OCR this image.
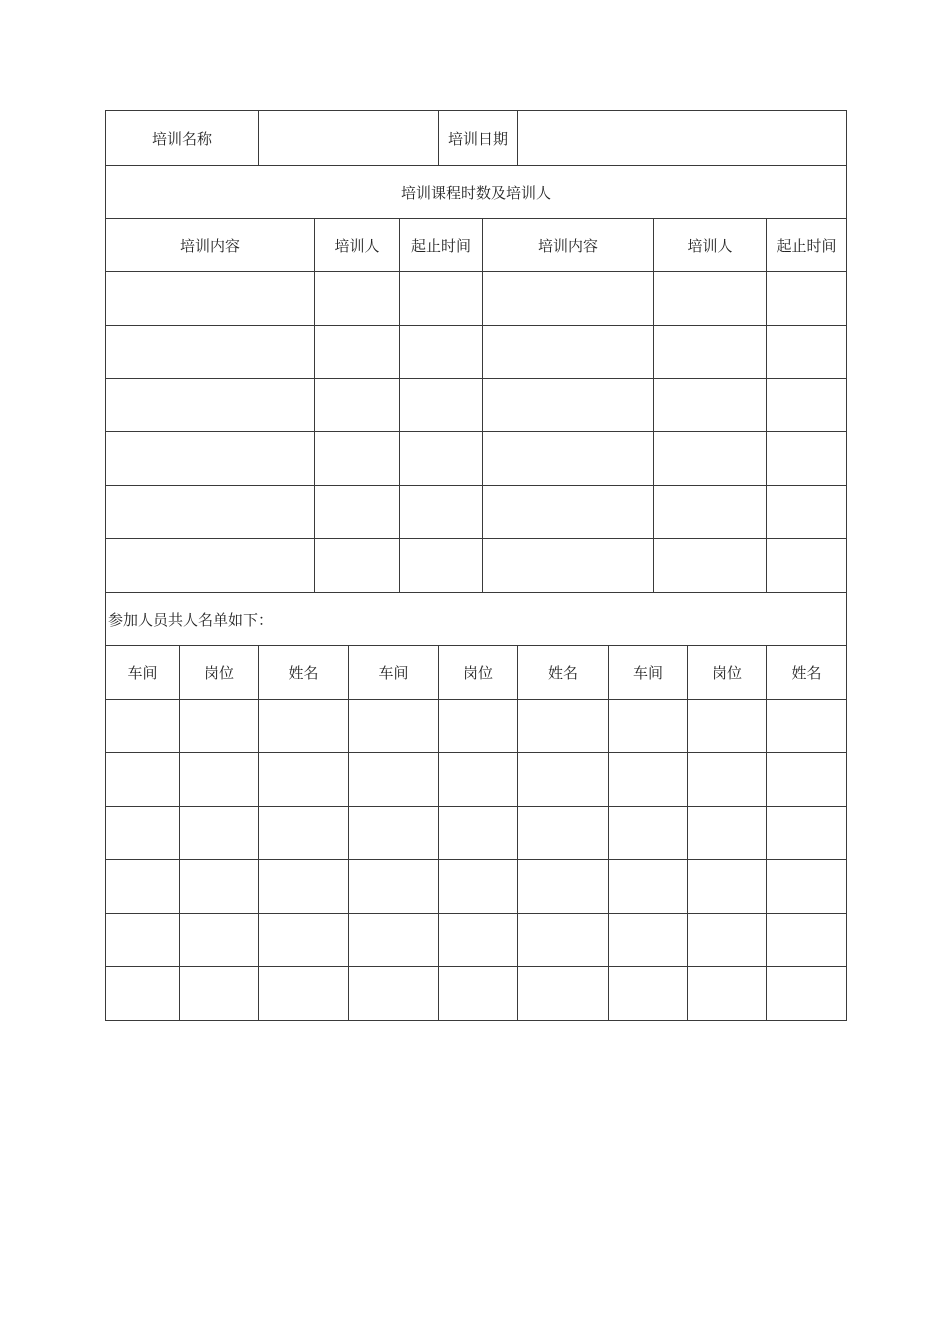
培训名称	培训日期
培训课程时数及培训人
培训内容	培训人	起止时间	培训内容	培训人	起止时间
参加人员共人名单如下：
车间	岗位	姓名	车间	岗位	姓名	车间	岗位	姓名
